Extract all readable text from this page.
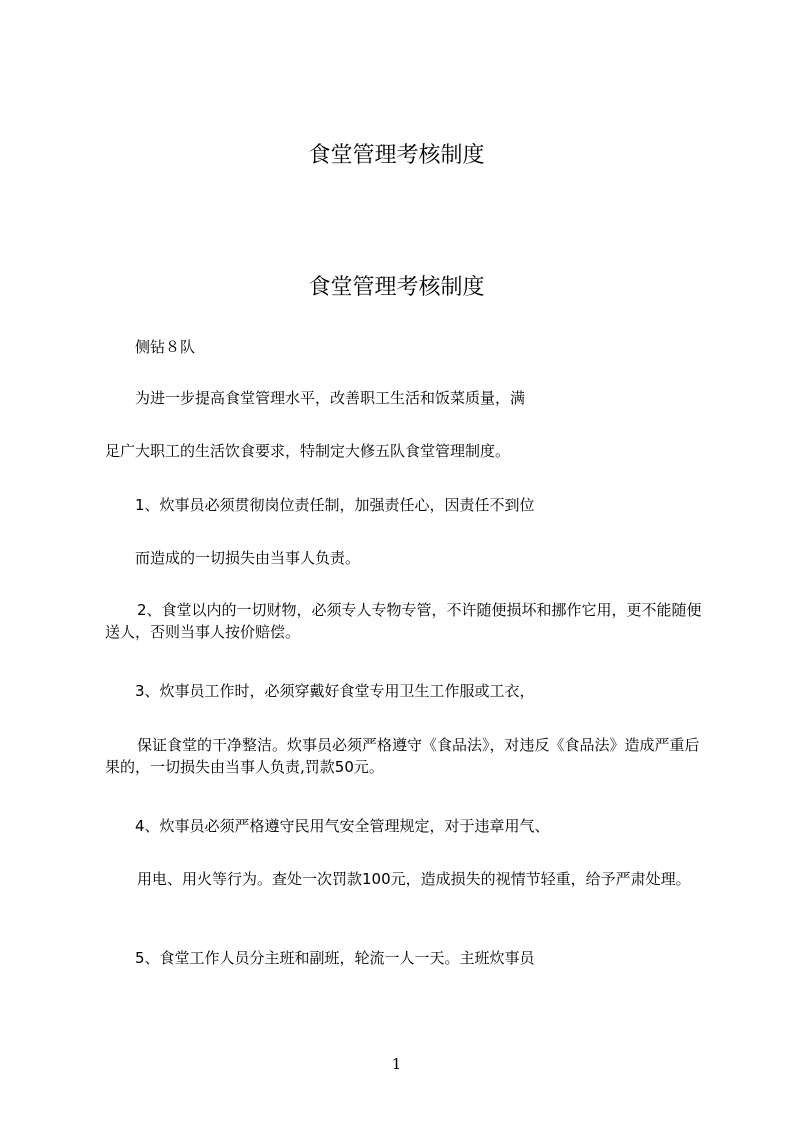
食堂管理考核制度
食堂管理考核制度

侧钻８队

为进一步提高食堂管理水平，改善职工生活和饭菜质量，满

足广大职工的生活饮食要求，特制定大修五队食堂管理制度。

1、炊事员必须贯彻岗位责任制，加强责任心，因责任不到位

而造成的一切损失由当事人负责。

2、食堂以内的一切财物，必须专人专物专管，不许随便损坏和挪作它用，更不能随便送人，否则当事人按价赔偿。

3、炊事员工作时，必须穿戴好食堂专用卫生工作服或工衣，

保证食堂的干净整洁。炊事员必须严格遵守《食品法》，对违反《食品法》造成严重后果的，一切损失由当事人负责,罚款50元。

4、炊事员必须严格遵守民用气安全管理规定，对于违章用气、

用电、用火等行为。查处一次罚款100元，造成损失的视情节轻重，给予严肃处理。

5、食堂工作人员分主班和副班，轮流一人一天。主班炊事员

1
